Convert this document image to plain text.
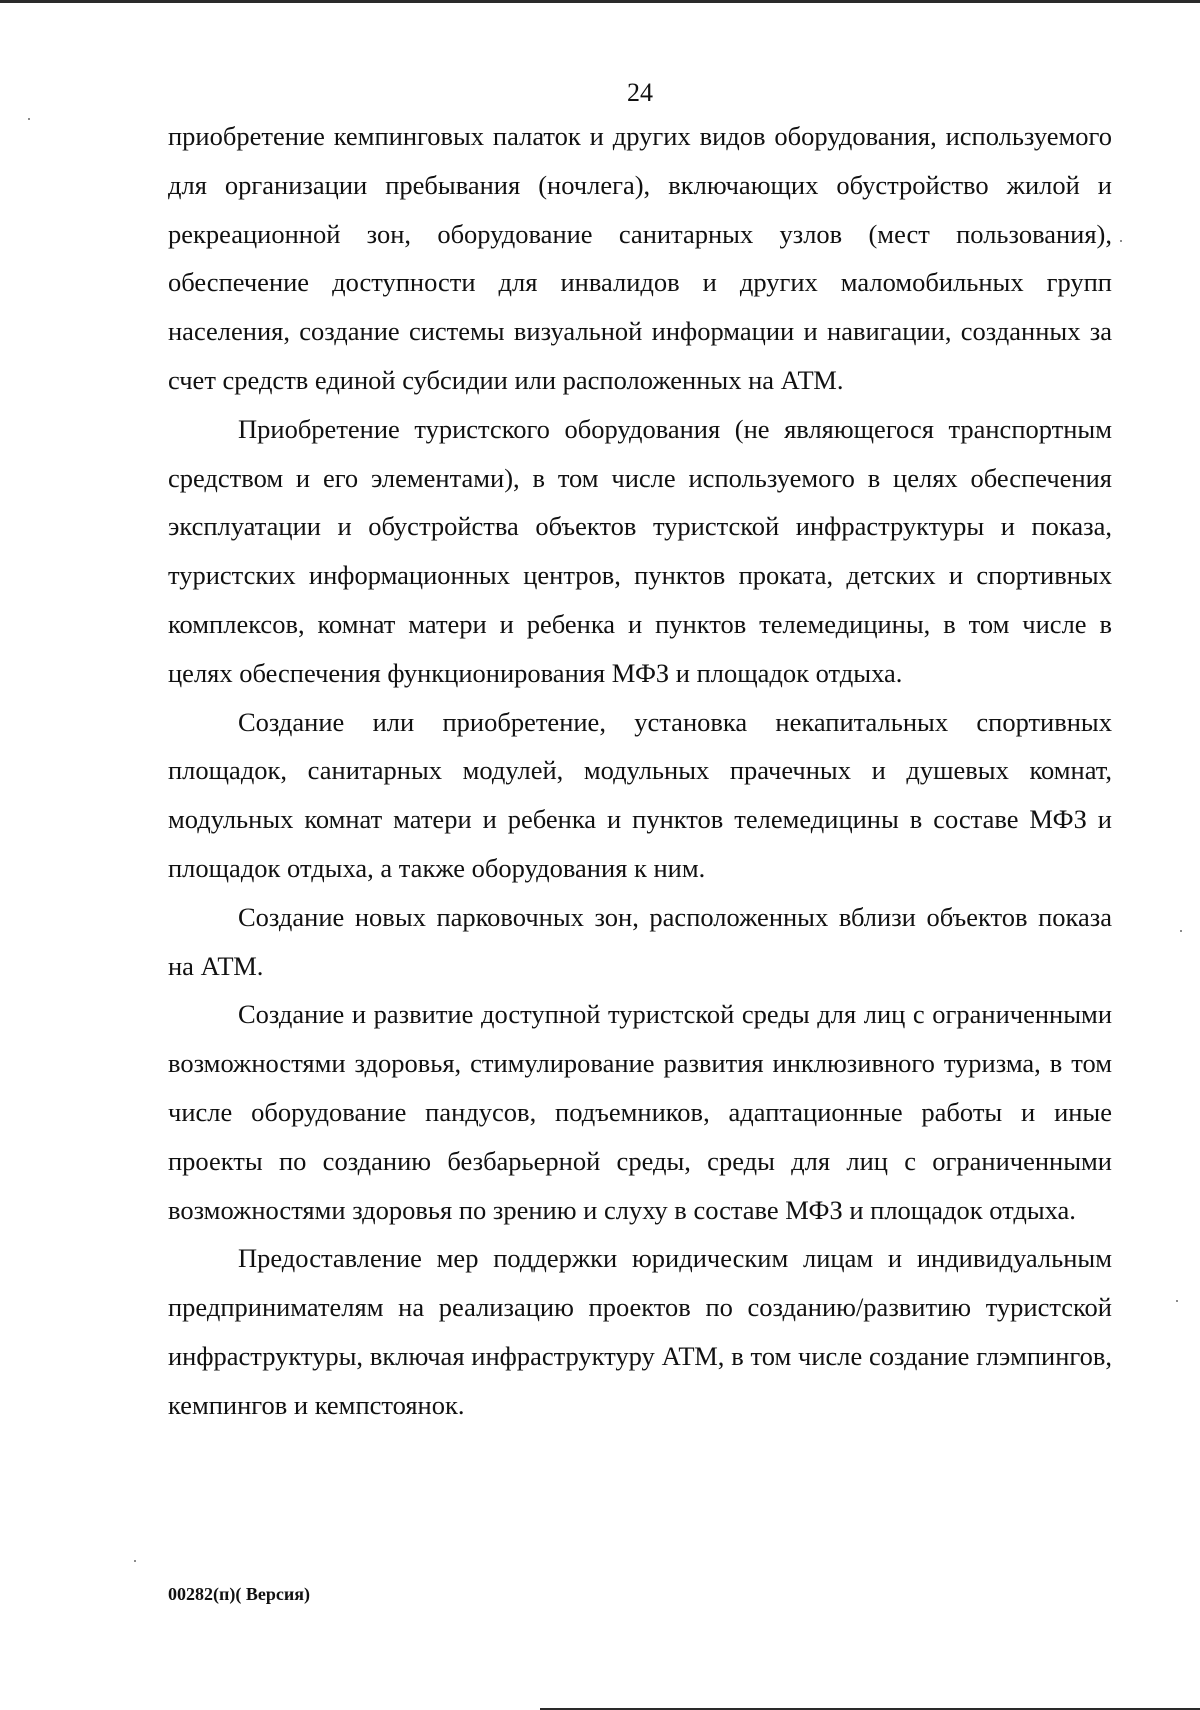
24

приобретение кемпинговых палаток и других видов оборудования, используемого для организации пребывания (ночлега), включающих обустройство жилой и рекреационной зон, оборудование санитарных узлов (мест пользования), обеспечение доступности для инвалидов и других маломобильных групп населения, создание системы визуальной информации и навигации, созданных за счет средств единой субсидии или расположенных на АТМ.

Приобретение туристского оборудования (не являющегося транспортным средством и его элементами), в том числе используемого в целях обеспечения эксплуатации и обустройства объектов туристской инфраструктуры и показа, туристских информационных центров, пунктов проката, детских и спортивных комплексов, комнат матери и ребенка и пунктов телемедицины, в том числе в целях обеспечения функционирования МФЗ и площадок отдыха.

Создание или приобретение, установка некапитальных спортивных площадок, санитарных модулей, модульных прачечных и душевых комнат, модульных комнат матери и ребенка и пунктов телемедицины в составе МФЗ и площадок отдыха, а также оборудования к ним.

Создание новых парковочных зон, расположенных вблизи объектов показа на АТМ.

Создание и развитие доступной туристской среды для лиц с ограниченными возможностями здоровья, стимулирование развития инклюзивного туризма, в том числе оборудование пандусов, подъемников, адаптационные работы и иные проекты по созданию безбарьерной среды, среды для лиц с ограниченными возможностями здоровья по зрению и слуху в составе МФЗ и площадок отдыха.

Предоставление мер поддержки юридическим лицам и индивидуальным предпринимателям на реализацию проектов по созданию/развитию туристской инфраструктуры, включая инфраструктуру АТМ, в том числе создание глэмпингов, кемпингов и кемпстоянок.

00282(п)( Версия)
